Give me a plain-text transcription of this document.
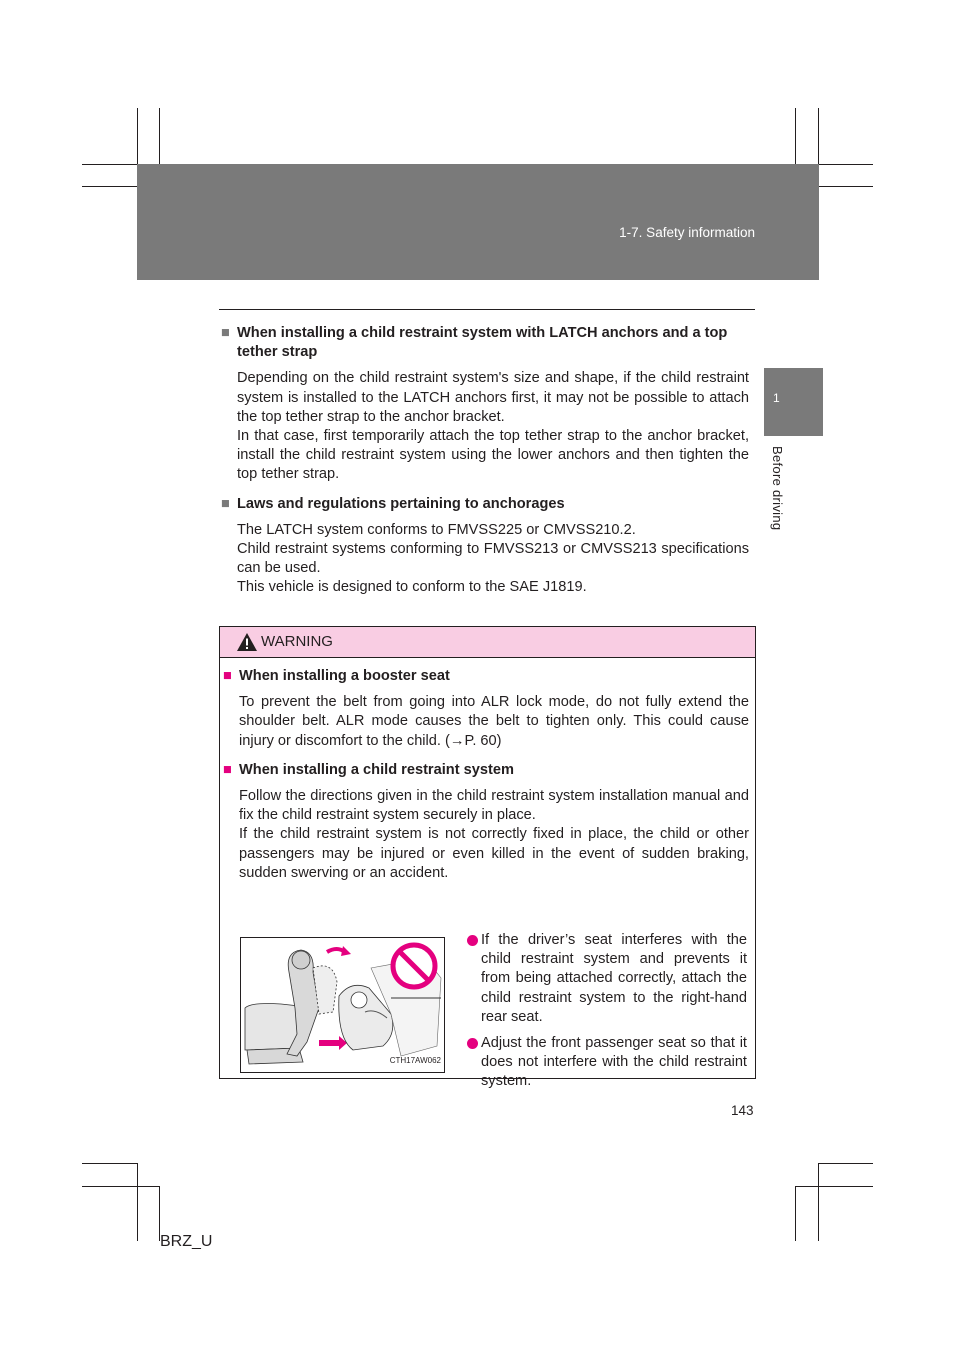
1-7. Safety information
1
Before driving
■ When installing a child restraint system with LATCH anchors and a top tether strap

Depending on the child restraint system's size and shape, if the child restraint system is installed to the LATCH anchors first, it may not be possible to attach the top tether strap to the anchor bracket.

In that case, first temporarily attach the top tether strap to the anchor bracket, install the child restraint system using the lower anchors and then tighten the top tether strap.

■ Laws and regulations pertaining to anchorages

The LATCH system conforms to FMVSS225 or CMVSS210.2.

Child restraint systems conforming to FMVSS213 or CMVSS213 specifications can be used.

This vehicle is designed to conform to the SAE J1819.

WARNING
■ When installing a booster seat

To prevent the belt from going into ALR lock mode, do not fully extend the shoulder belt. ALR mode causes the belt to tighten only. This could cause injury or discomfort to the child. (→P. 60)

■ When installing a child restraint system

Follow the directions given in the child restraint system installation manual and fix the child restraint system securely in place.

If the child restraint system is not correctly fixed in place, the child or other passengers may be injured or even killed in the event of sudden braking, sudden swerving or an accident.

CTH17AW062
If the driver’s seat interferes with the child restraint system and prevents it from being attached correctly, attach the child restraint system to the right-hand rear seat.
Adjust the front passenger seat so that it does not interfere with the child restraint system.
143
BRZ_U
